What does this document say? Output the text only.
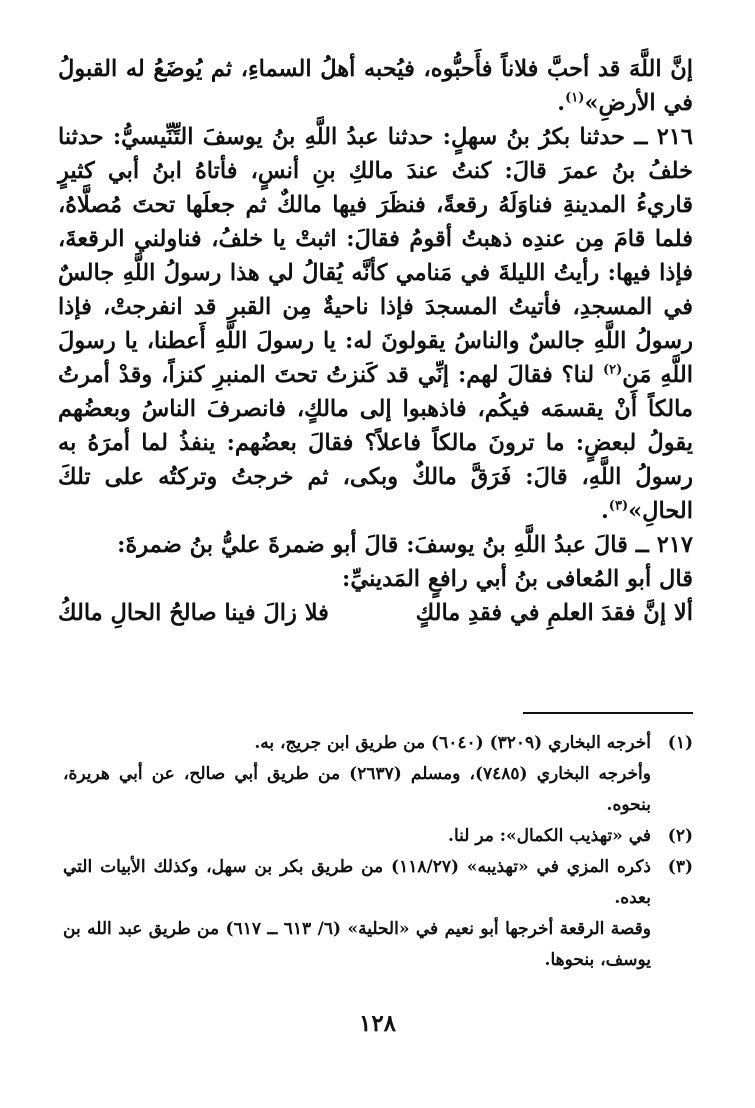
إنَّ اللَّهَ قد أحبَّ فلاناً فأَحبُّوه، فيُحبه أهلُ السماءِ، ثم يُوضَعُ له القبولُ في الأرضِ»$^{(١)}$.

٢١٦ ــ حدثنا بكرُ بنُ سهلٍ: حدثنا عبدُ اللَّهِ بنُ يوسفَ التِّنِّيسيُّ: حدثنا خلفُ بنُ عمرَ قالَ: كنتُ عندَ مالكِ بنِ أنسٍ، فأتاهُ ابنُ أبي كثيرٍ قاريءُ المدينةِ فناوَلَهُ رقعةً، فنظَرَ فيها مالكٌ ثم جعلَها تحتَ مُصلَّاهُ، فلما قامَ مِن عندِه ذهبتُ أقومُ فقالَ: اثبتْ يا خلفُ، فناولني الرقعةَ، فإذا فيها: رأيتُ الليلةَ في مَنامي كأنَّه يُقالُ لي هذا رسولُ اللَّهِ جالسٌ في المسجدِ، فأتيتُ المسجدَ فإذا ناحيةٌ مِن القبرِ قد انفرجتْ، فإذا رسولُ اللَّهِ جالسٌ والناسُ يقولونَ له: يا رسولَ اللَّهِ أَعطنا، يا رسولَ اللَّهِ مَن$^{(٢)}$ لنا؟ فقالَ لهم: إنِّي قد كَنزتُ تحتَ المنبرِ كنزاً، وقدْ أمرتُ مالكاً أَنْ يقسمَه فيكُم، فاذهبوا إلى مالكٍ، فانصرفَ الناسُ وبعضُهم يقولُ لبعضٍ: ما ترونَ مالكاً فاعلاً؟ فقالَ بعضُهم: ينفذُ لما أمرَهُ به رسولُ اللَّهِ، قالَ: فَرَقَّ مالكٌ وبكى، ثم خرجتُ وتركتُه على تلكَ الحالِ»$^{(٣)}$.

٢١٧ ــ قالَ عبدُ اللَّهِ بنُ يوسفَ: قالَ أبو ضمرةَ عليُّ بنُ ضمرةَ:

قال أبو المُعافى بنُ أبي رافعٍ المَدينيِّ:

ألا إنَّ فقدَ العلمِ في فقدِ مالكٍ
فلا زالَ فينا صالحُ الحالِ مالكُ
(١)

أخرجه البخاري (٣٢٠٩) (٦٠٤٠) من طريق ابن جريج، به.

وأخرجه البخاري (٧٤٨٥)، ومسلم (٢٦٣٧) من طريق أبي صالح، عن أبي هريرة، بنحوه.

(٢)

في «تهذيب الكمال»: مر لنا.

(٣)

ذكره المزي في «تهذيبه» (١١٨/٢٧) من طريق بكر بن سهل، وكذلك الأبيات التي بعده.

وقصة الرقعة أخرجها أبو نعيم في «الحلية» (٦/ ٦١٣ ــ ٦١٧) من طريق عبد الله بن يوسف، بنحوها.

١٢٨
